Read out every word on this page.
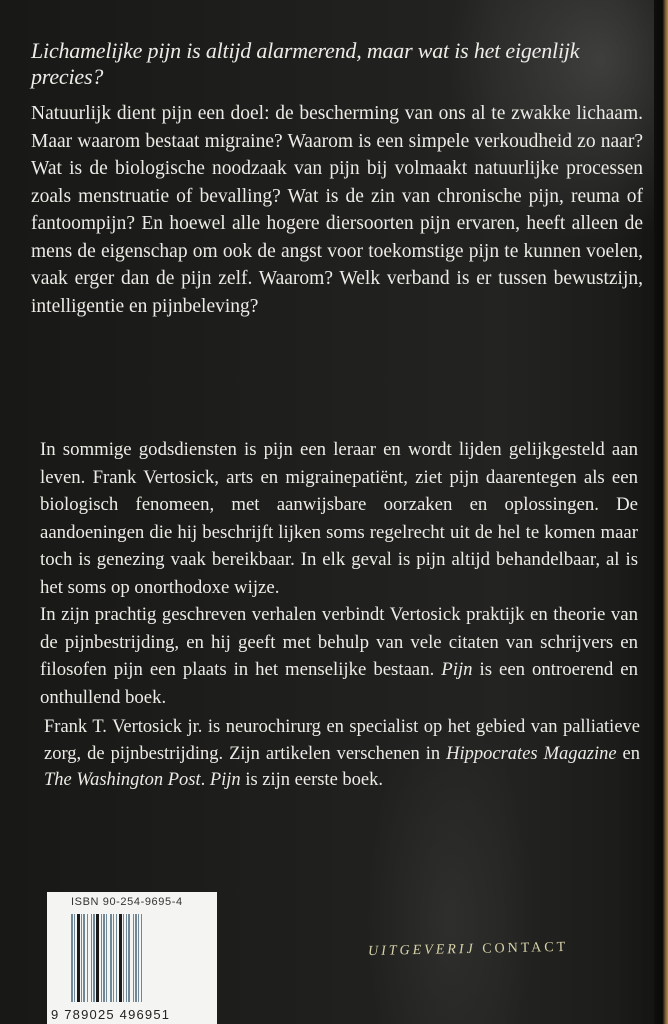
Lichamelijke pijn is altijd alarmerend, maar wat is het eigenlijk precies?

Natuurlijk dient pijn een doel: de bescherming van ons al te zwakke lichaam. Maar waarom bestaat migraine? Waarom is een simpele verkoudheid zo naar? Wat is de biologische noodzaak van pijn bij volmaakt natuurlijke processen zoals menstruatie of bevalling? Wat is de zin van chronische pijn, reuma of fantoompijn? En hoewel alle hogere diersoorten pijn ervaren, heeft alleen de mens de eigenschap om ook de angst voor toekomstige pijn te kunnen voelen, vaak erger dan de pijn zelf. Waarom? Welk verband is er tussen bewustzijn, intelligentie en pijnbeleving?

In sommige godsdiensten is pijn een leraar en wordt lijden gelijkgesteld aan leven. Frank Vertosick, arts en migrainepatiënt, ziet pijn daarentegen als een biologisch fenomeen, met aanwijsbare oorzaken en oplossingen. De aandoeningen die hij beschrijft lijken soms regelrecht uit de hel te komen maar toch is genezing vaak bereikbaar. In elk geval is pijn altijd behandelbaar, al is het soms op onorthodoxe wijze.

In zijn prachtig geschreven verhalen verbindt Vertosick praktijk en theorie van de pijnbestrijding, en hij geeft met behulp van vele citaten van schrijvers en filosofen pijn een plaats in het menselijke bestaan. Pijn is een ontroerend en onthullend boek.

Frank T. Vertosick jr. is neurochirurg en specialist op het gebied van palliatieve zorg, de pijnbestrijding. Zijn artikelen verschenen in Hippocrates Magazine en The Washington Post. Pijn is zijn eerste boek.

ISBN 90-254-9695-4
9 789025 496951
UITGEVERIJ CONTACT
